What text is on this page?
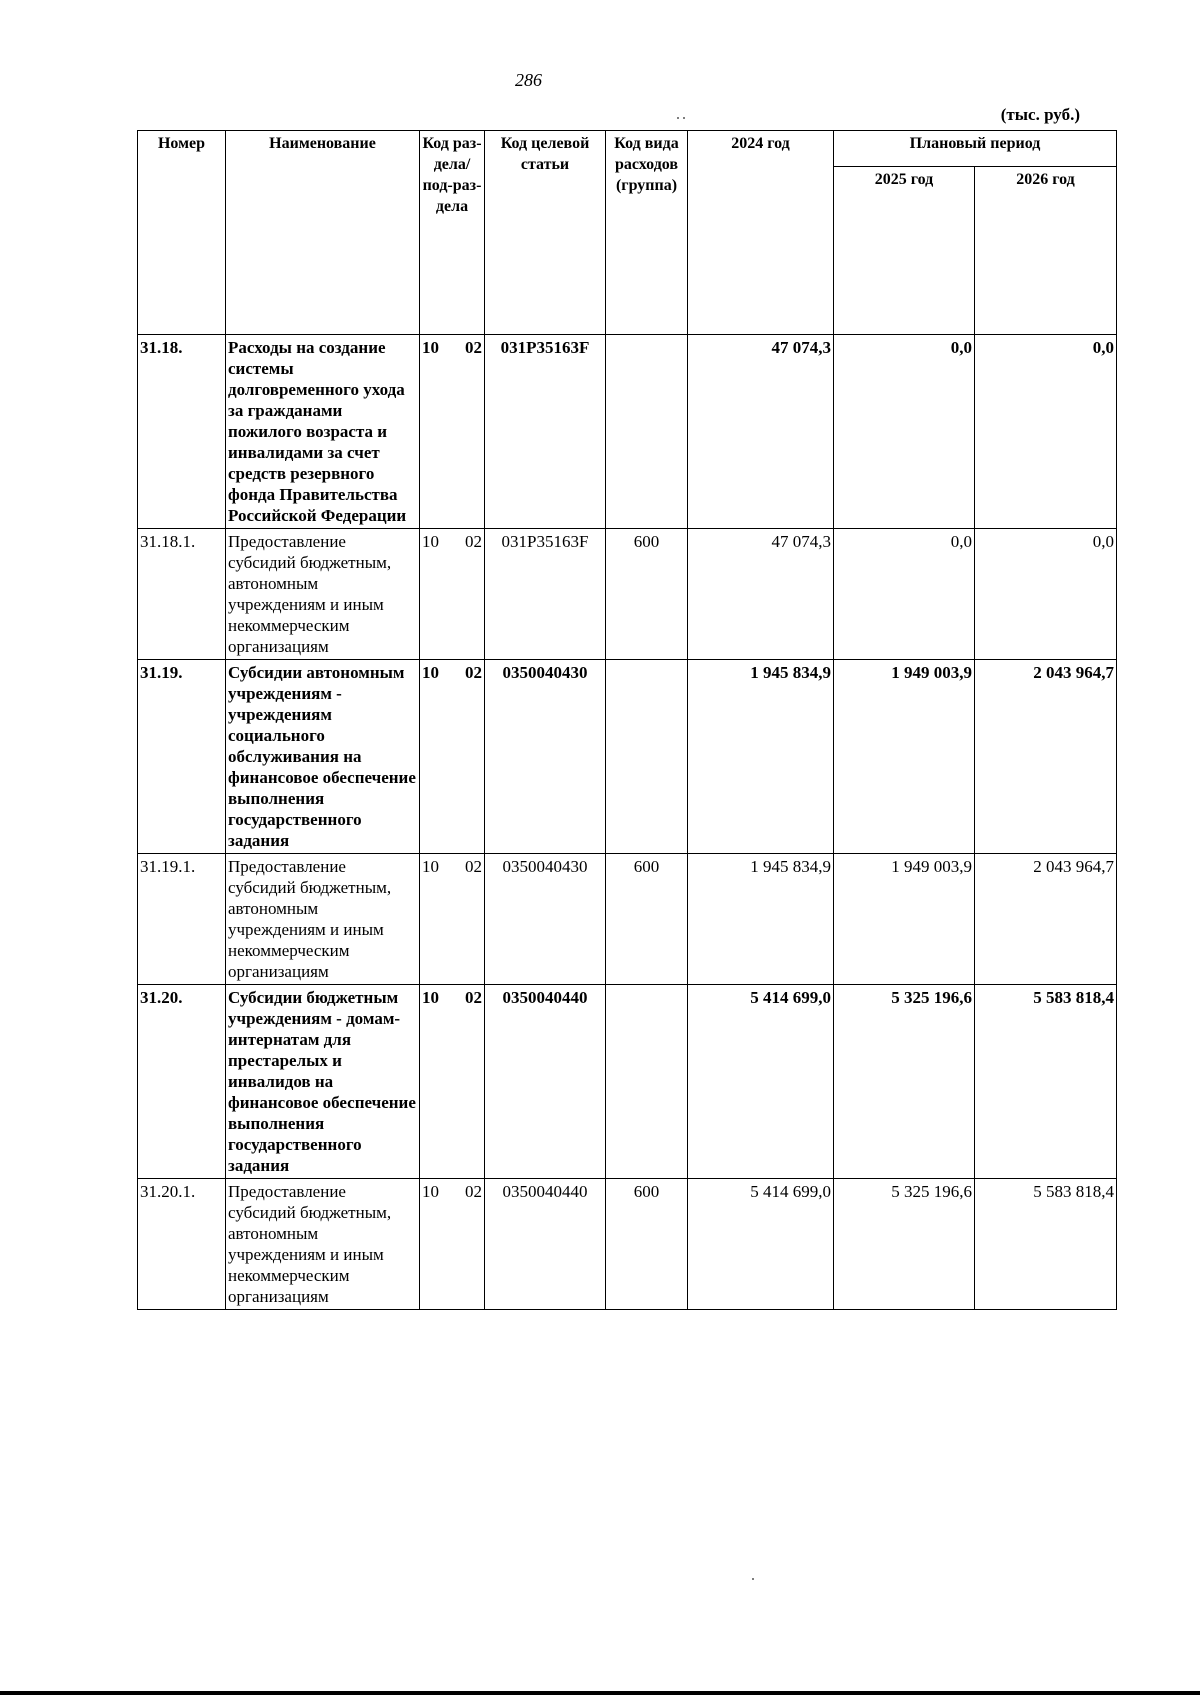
286
(тыс. руб.)
Номер	Наименование	Код раз-дела/ под-раз-дела	Код целевой статьи	Код вида расходов (группа)	2024 год	Плановый период	
						2025 год	2026 год
31.18.	Расходы на создание системы долговременного ухода за гражданами пожилого возраста и инвалидами за счет средств резервного фонда Правительства Российской Федерации	10 02	031P35163F		47 074,3	0,0	0,0
31.18.1.	Предоставление субсидий бюджетным, автономным учреждениям и иным некоммерческим организациям	10 02	031P35163F	600	47 074,3	0,0	0,0
31.19.	Субсидии автономным учреждениям - учреждениям социального обслуживания на финансовое обеспечение выполнения государственного задания	10 02	0350040430		1 945 834,9	1 949 003,9	2 043 964,7
31.19.1.	Предоставление субсидий бюджетным, автономным учреждениям и иным некоммерческим организациям	10 02	0350040430	600	1 945 834,9	1 949 003,9	2 043 964,7
31.20.	Субсидии бюджетным учреждениям - домам-интернатам для престарелых и инвалидов на финансовое обеспечение выполнения государственного задания	10 02	0350040440		5 414 699,0	5 325 196,6	5 583 818,4
31.20.1.	Предоставление субсидий бюджетным, автономным учреждениям и иным некоммерческим организациям	10 02	0350040440	600	5 414 699,0	5 325 196,6	5 583 818,4
